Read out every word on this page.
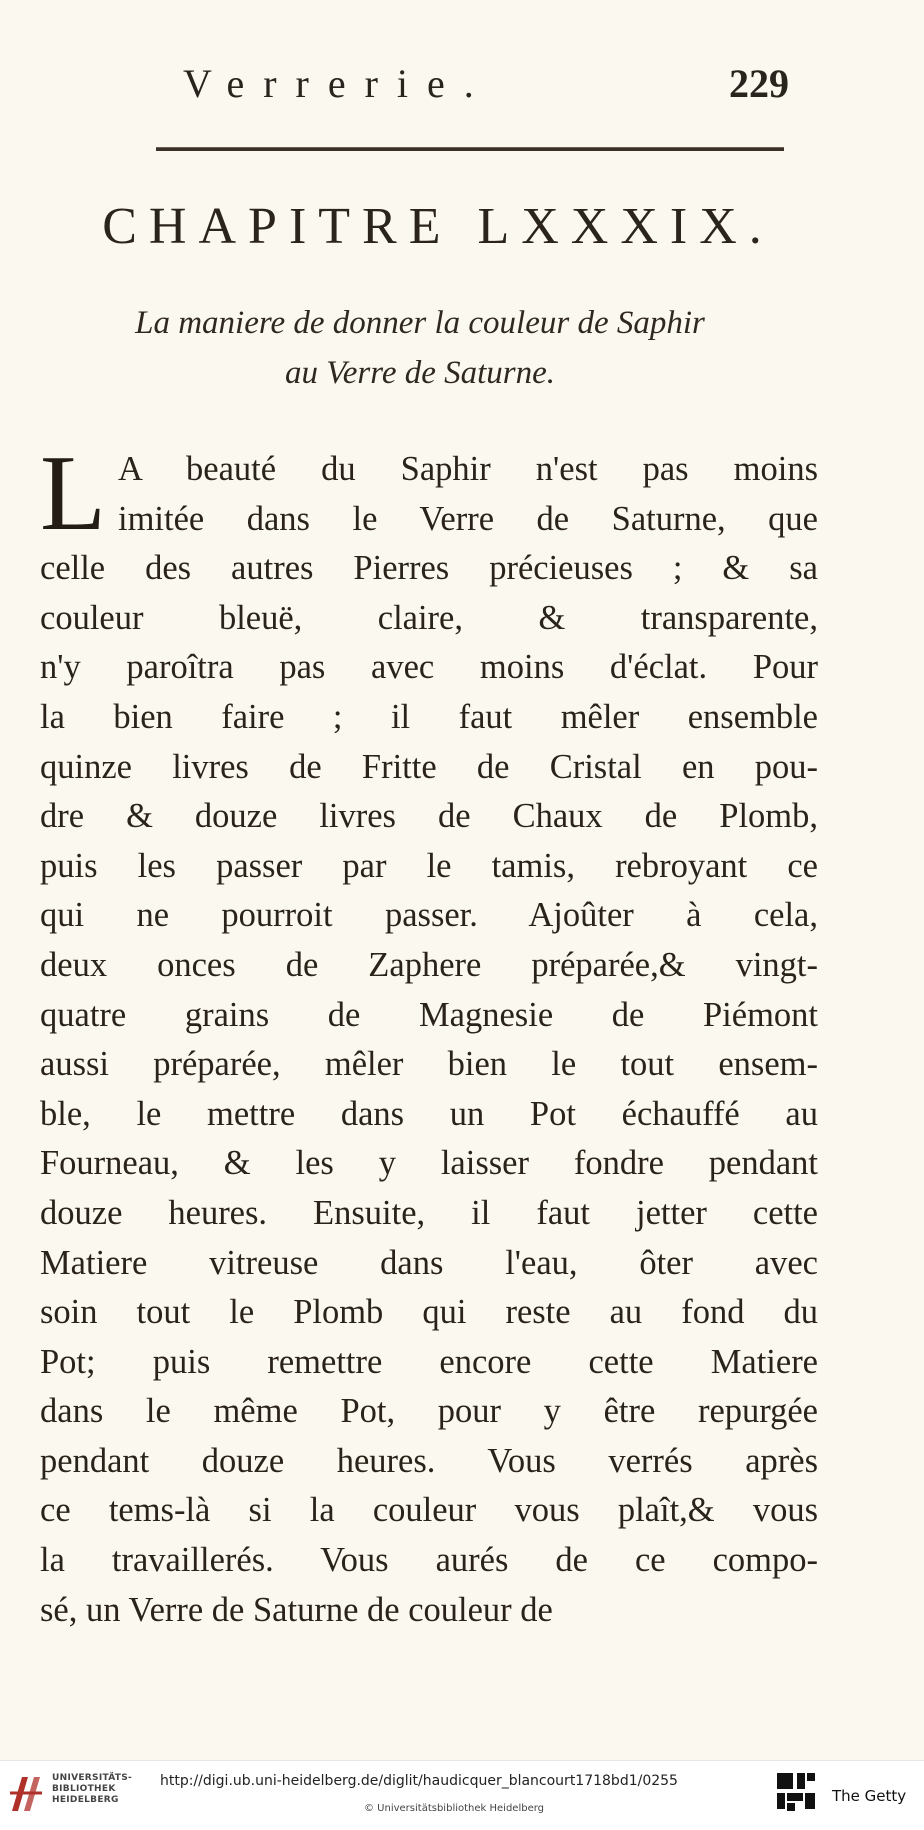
Verrerie.	229
CHAPITRE LXXXIX.
La maniere de donner la couleur de Saphir
au Verre de Saturne.
L A beauté du Saphir n'est pas moins
imitée dans le Verre de Saturne, que
celle des autres Pierres précieuses ; & sa
couleur bleuë, claire, & transparente,
n'y paroîtra pas avec moins d'éclat. Pour
la bien faire ; il faut mêler ensemble
quinze livres de Fritte de Cristal en pou-
dre & douze livres de Chaux de Plomb,
puis les passer par le tamis, rebroyant ce
qui ne pourroit passer. Ajoûter à cela,
deux onces de Zaphere préparée,& vingt-
quatre grains de Magnesie de Piémont
aussi préparée, mêler bien le tout ensem-
ble, le mettre dans un Pot échauffé au
Fourneau, & les y laisser fondre pendant
douze heures. Ensuite, il faut jetter cette
Matiere vitreuse dans l'eau, ôter avec
soin tout le Plomb qui reste au fond du
Pot; puis remettre encore cette Matiere
dans le même Pot, pour y être repurgée
pendant douze heures. Vous verrés après
ce tems-là si la couleur vous plaît,& vous
la travaillerés. Vous aurés de ce compo-
sé, un Verre de Saturne de couleur de
UNIVERSITÄTS-
BIBLIOTHEK
HEIDELBERG
http://digi.ub.uni-heidelberg.de/diglit/haudicquer_blancourt1718bd1/0255
© Universitätsbibliothek Heidelberg
The Getty
